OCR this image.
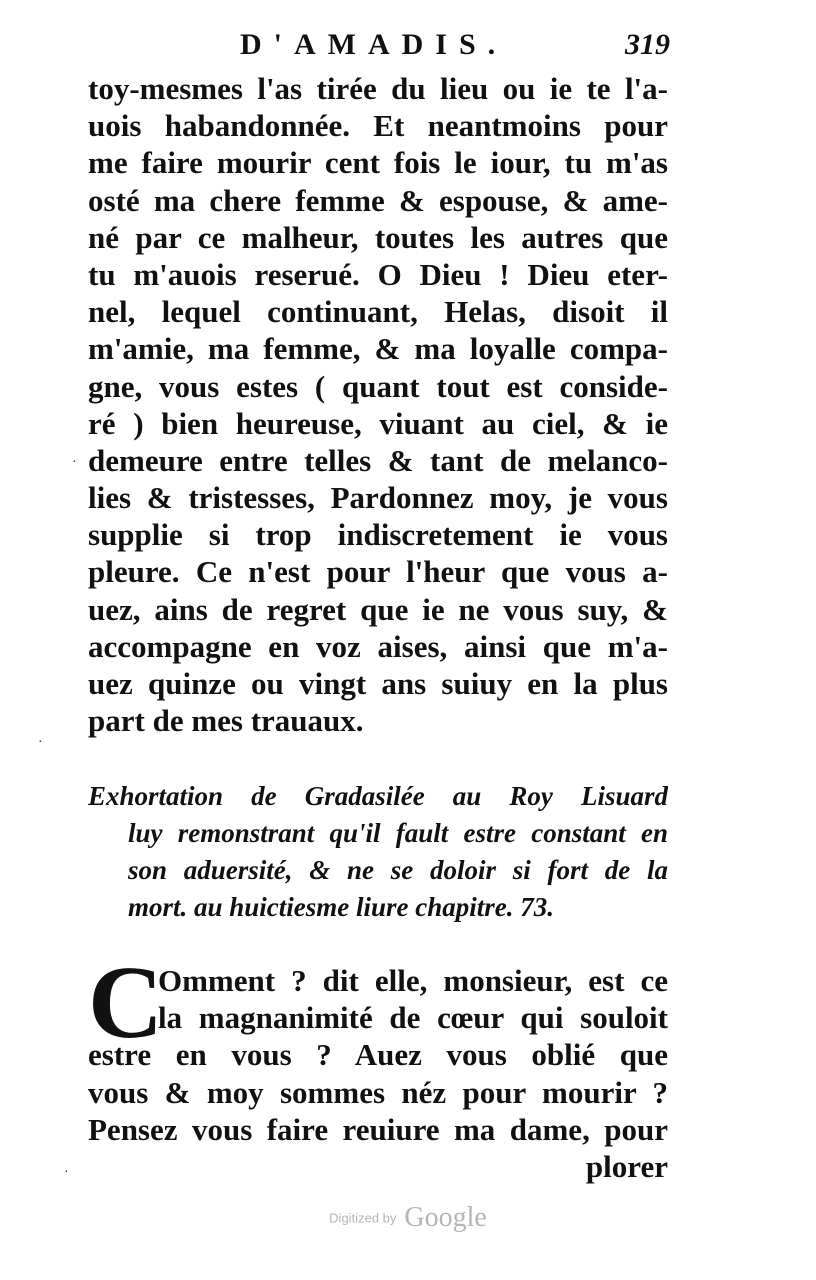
D'AMADIS.	319
toy-mesmes l'as tirée du lieu ou ie te l'a-
uois habandonnée. Et neantmoins pour
me faire mourir cent fois le iour, tu m'as
osté ma chere femme & espouse, & ame-
né par ce malheur, toutes les autres que
tu m'auois reserué. O Dieu ! Dieu eter-
nel, lequel continuant, Helas, disoit il
m'amie, ma femme, & ma loyalle compa-
gne, vous estes ( quant tout est conside-
ré ) bien heureuse, viuant au ciel, & ie
demeure entre telles & tant de melanco-
lies & tristesses, Pardonnez moy, je vous
supplie si trop indiscretement ie vous
pleure. Ce n'est pour l'heur que vous a-
uez, ains de regret que ie ne vous suy, &
accompagne en voz aises, ainsi que m'a-
uez quinze ou vingt ans suiuy en la plus
part de mes trauaux.
Exhortation de Gradasilée au Roy Lisuard
luy remonstrant qu'il fault estre constant en
son aduersité, & ne se doloir si fort de la
mort. au huictiesme liure chapitre. 73.
C
Omment ? dit elle, monsieur, est ce
la magnanimité de cœur qui souloit
estre en vous ? Auez vous oblié que
vous & moy sommes néz pour mourir ?
Pensez vous faire reuiure ma dame, pour
plorer
Digitized by Google
·
·
·
